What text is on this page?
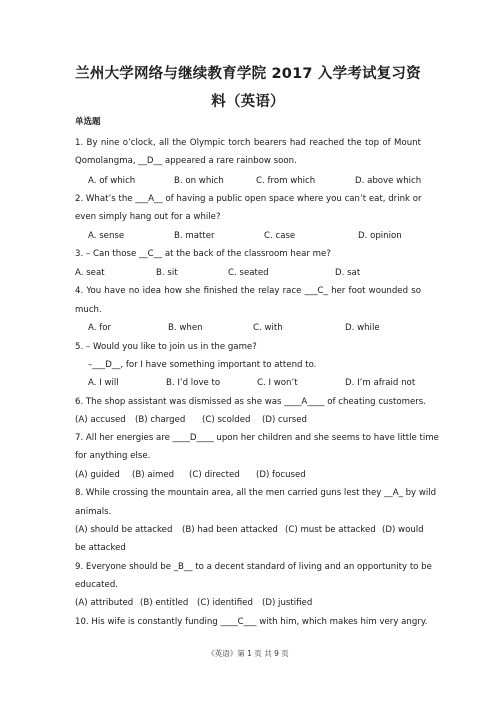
兰州大学网络与继续教育学院 2017 入学考试复习资
料（英语）
单选题
1. By nine o’clock, all the Olympic torch bearers had reached the top of Mount
Qomolangma, __D__ appeared a rare rainbow soon.
A. of which	B. on which	C. from which	D. above which
2. What’s the ___A__ of having a public open space where you can’t eat, drink or
even simply hang out for a while?
A. sense	B. matter	C. case	D. opinion
3. – Can those __C__ at the back of the classroom hear me?
A. seat	B. sit	C. seated	D. sat
4. You have no idea how she finished the relay race ___C_ her foot wounded so
much.
A. for	B. when	C. with	D. while
5. – Would you like to join us in the game?
–___D__, for I have something important to attend to.
A. I will	B. I’d love to	C. I won’t	D. I’m afraid not
6. The shop assistant was dismissed as she was ____A____ of cheating customers.
(A) accused (B) charged (C) scolded (D) cursed
7. All her energies are ____D____ upon her children and she seems to have little time
for anything else.
(A) guided (B) aimed (C) directed (D) focused
8. While crossing the mountain area, all the men carried guns lest they __A_ by wild
animals.
(A) should be attacked (B) had been attacked (C) must be attacked (D) would
be attacked
9. Everyone should be _B__ to a decent standard of living and an opportunity to be
educated.
(A) attributed (B) entitled (C) identified (D) justified
10. His wife is constantly funding ____C___ with him, which makes him very angry.
《英语》第 1 页 共 9 页
